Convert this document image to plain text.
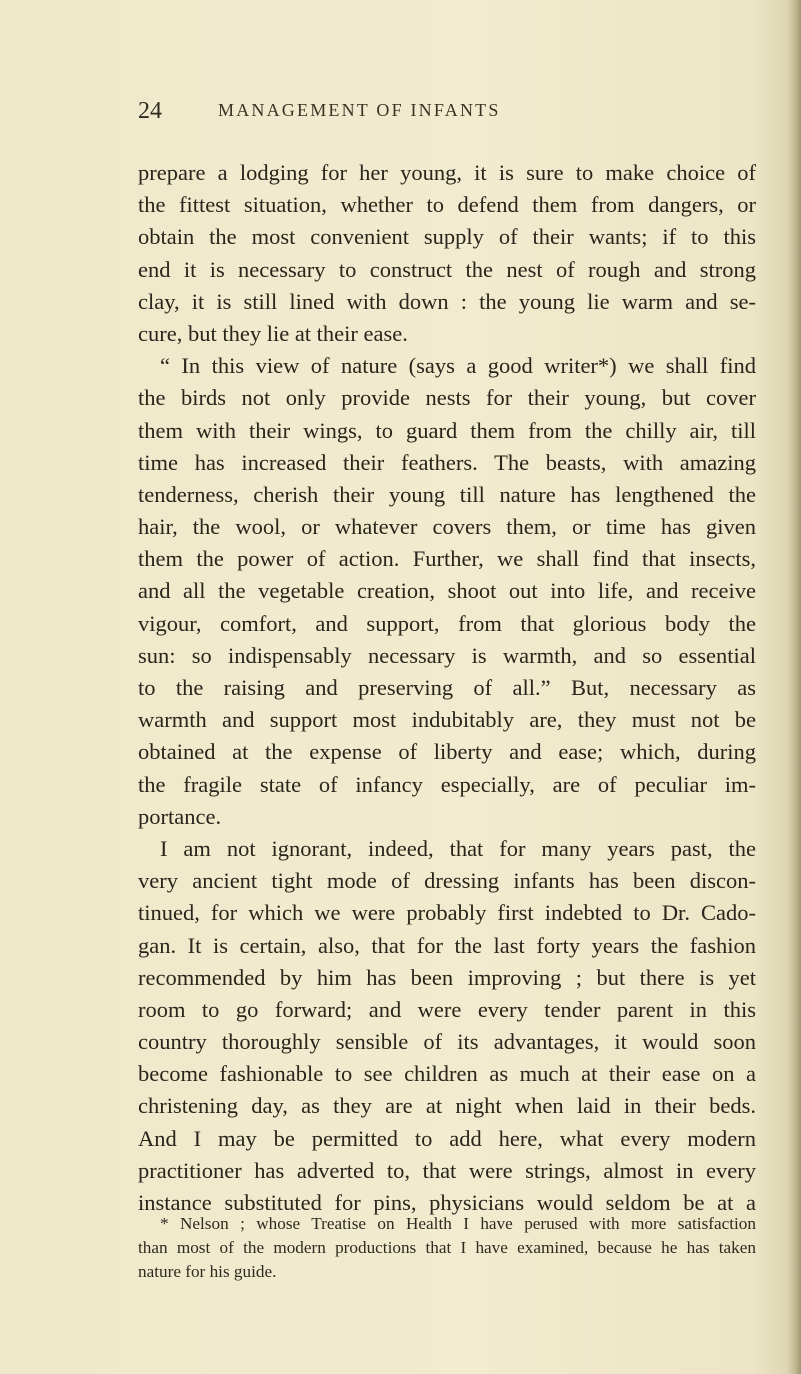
24	MANAGEMENT OF INFANTS
prepare a lodging for her young, it is sure to make choice of
the fittest situation, whether to defend them from dangers, or
obtain the most convenient supply of their wants; if to this
end it is necessary to construct the nest of rough and strong
clay, it is still lined with down : the young lie warm and se-
cure, but they lie at their ease.
“ In this view of nature (says a good writer*) we shall find
the birds not only provide nests for their young, but cover
them with their wings, to guard them from the chilly air, till
time has increased their feathers. The beasts, with amazing
tenderness, cherish their young till nature has lengthened the
hair, the wool, or whatever covers them, or time has given
them the power of action. Further, we shall find that insects,
and all the vegetable creation, shoot out into life, and receive
vigour, comfort, and support, from that glorious body the
sun: so indispensably necessary is warmth, and so essential
to the raising and preserving of all.” But, necessary as
warmth and support most indubitably are, they must not be
obtained at the expense of liberty and ease; which, during
the fragile state of infancy especially, are of peculiar im-
portance.
I am not ignorant, indeed, that for many years past, the
very ancient tight mode of dressing infants has been discon-
tinued, for which we were probably first indebted to Dr. Cado-
gan. It is certain, also, that for the last forty years the fashion
recommended by him has been improving ; but there is yet
room to go forward; and were every tender parent in this
country thoroughly sensible of its advantages, it would soon
become fashionable to see children as much at their ease on a
christening day, as they are at night when laid in their beds.
And I may be permitted to add here, what every modern
practitioner has adverted to, that were strings, almost in every
instance substituted for pins, physicians would seldom be at a
* Nelson ; whose Treatise on Health I have perused with more satisfaction
than most of the modern productions that I have examined, because he has taken
nature for his guide.
